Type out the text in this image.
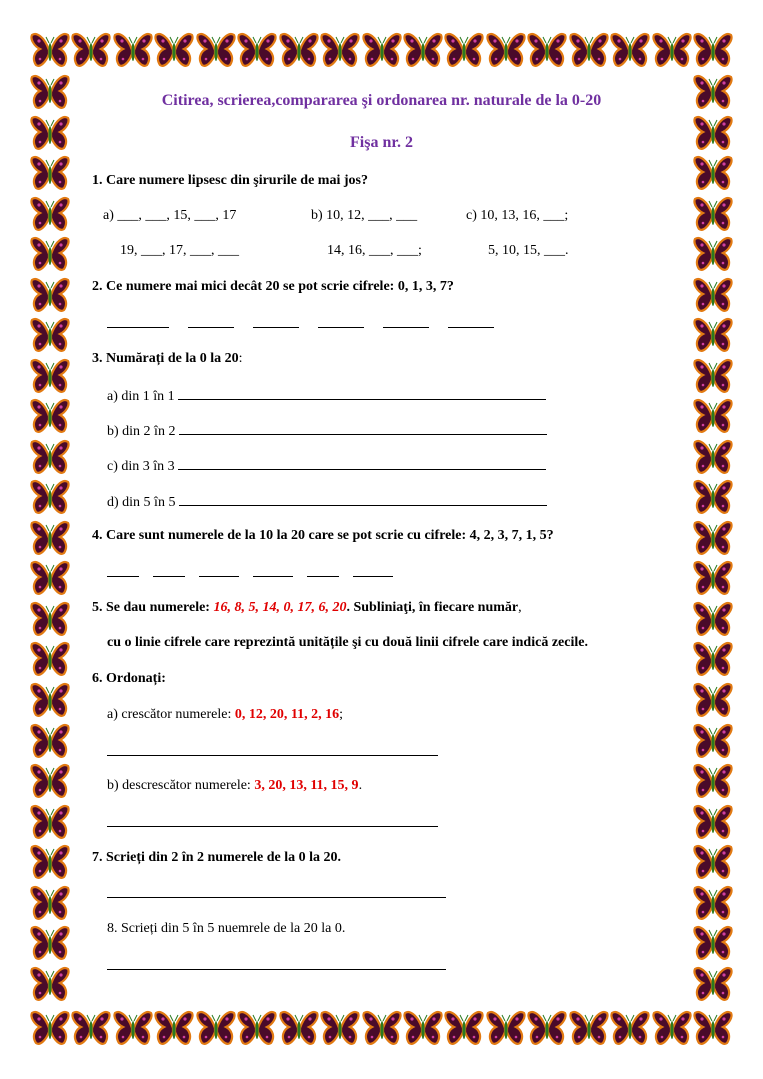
Citirea, scrierea,compararea şi ordonarea nr. naturale de la 0-20
Fişa nr. 2
1. Care numere lipsesc din şirurile de mai jos?
a) ___, ___, 15, ___, 17	b) 10, 12, ___, ___	c) 10, 13, 16, ___;
19, ___, 17, ___, ___	14, 16, ___, ___;	5, 10, 15, ___.
2. Ce numere mai mici decât 20 se pot scrie cifrele: 0, 1, 3, 7?
3. Numărați de la 0 la 20:
a) din 1 în 1
b) din 2 în 2
c) din 3 în 3
d) din 5 în 5
4. Care sunt numerele de la 10 la 20 care se pot scrie cu cifrele: 4, 2, 3, 7, 1, 5?
5. Se dau numerele: 16, 8, 5, 14, 0, 17, 6, 20. Subliniaţi, în fiecare număr,
cu o linie cifrele care reprezintă unitățile şi cu două linii cifrele care indică zecile.
6. Ordonați:
a) crescător numerele: 0, 12, 20, 11, 2, 16;
b) descrescător numerele: 3, 20, 13, 11, 15, 9.
7. Scrieți din 2 în 2 numerele de la 0 la 20.
8. Scrieți din 5 în 5 nuemrele de la 20 la 0.
